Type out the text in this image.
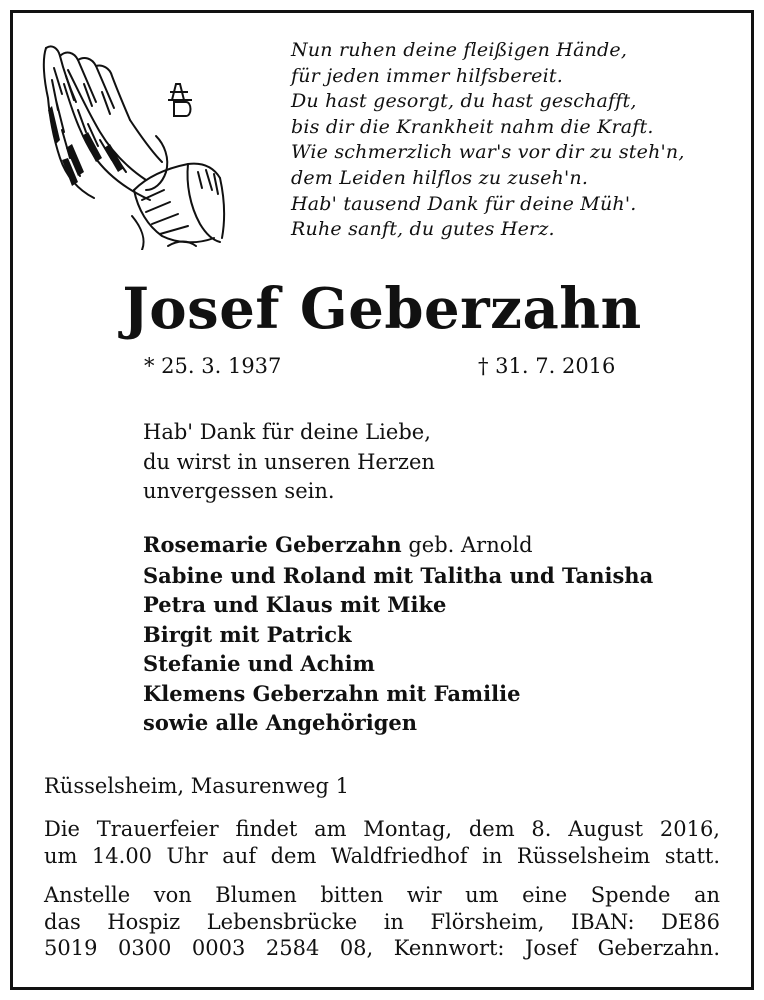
Nun ruhen deine fleißigen Hände,
für jeden immer hilfsbereit.
Du hast gesorgt, du hast geschafft,
bis dir die Krankheit nahm die Kraft.
Wie schmerzlich war's vor dir zu steh'n,
dem Leiden hilflos zu zuseh'n.
Hab' tausend Dank für deine Müh'.
Ruhe sanft, du gutes Herz.
Josef Geberzahn
* 25. 3. 1937	† 31. 7. 2016
Hab' Dank für deine Liebe,
du wirst in unseren Herzen
unvergessen sein.
Rosemarie Geberzahn geb. Arnold
Sabine und Roland mit Talitha und Tanisha
Petra und Klaus mit Mike
Birgit mit Patrick
Stefanie und Achim
Klemens Geberzahn mit Familie
sowie alle Angehörigen
Rüsselsheim, Masurenweg 1
Die Trauerfeier findet am Montag, dem 8. August 2016,
um 14.00 Uhr auf dem Waldfriedhof in Rüsselsheim statt.
Anstelle von Blumen bitten wir um eine Spende an
das Hospiz Lebensbrücke in Flörsheim, IBAN: DE86
5019 0300 0003 2584 08, Kennwort: Josef Geberzahn.
